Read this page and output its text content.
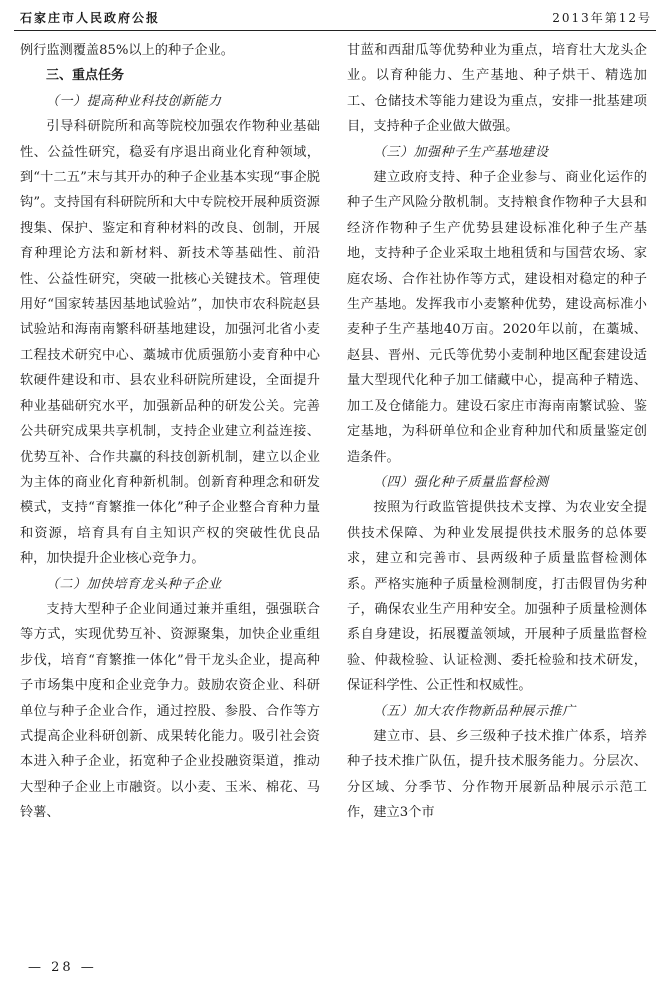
石家庄市人民政府公报	2013年第12号

例行监测覆盖85%以上的种子企业。

三、重点任务

（一）提高种业科技创新能力

引导科研院所和高等院校加强农作物种业基础性、公益性研究，稳妥有序退出商业化育种领域，到“十二五”末与其开办的种子企业基本实现“事企脱钩”。支持国有科研院所和大中专院校开展种质资源搜集、保护、鉴定和育种材料的改良、创制，开展育种理论方法和新材料、新技术等基础性、前沿性、公益性研究，突破一批核心关键技术。管理使用好“国家转基因基地试验站”，加快市农科院赵县试验站和海南南繁科研基地建设，加强河北省小麦工程技术研究中心、藁城市优质强筋小麦育种中心软硬件建设和市、县农业科研院所建设，全面提升种业基础研究水平，加强新品种的研发公关。完善公共研究成果共享机制，支持企业建立利益连接、优势互补、合作共赢的科技创新机制，建立以企业为主体的商业化育种新机制。创新育种理念和研发模式，支持“育繁推一体化”种子企业整合育种力量和资源，培育具有自主知识产权的突破性优良品种，加快提升企业核心竞争力。

（二）加快培育龙头种子企业

支持大型种子企业间通过兼并重组，强强联合等方式，实现优势互补、资源聚集，加快企业重组步伐，培育“育繁推一体化”骨干龙头企业，提高种子市场集中度和企业竞争力。鼓励农资企业、科研单位与种子企业合作，通过控股、参股、合作等方式提高企业科研创新、成果转化能力。吸引社会资本进入种子企业，拓宽种子企业投融资渠道，推动大型种子企业上市融资。以小麦、玉米、棉花、马铃薯、

甘蓝和西甜瓜等优势种业为重点，培育壮大龙头企业。以育种能力、生产基地、种子烘干、精选加工、仓储技术等能力建设为重点，安排一批基建项目，支持种子企业做大做强。

（三）加强种子生产基地建设

建立政府支持、种子企业参与、商业化运作的种子生产风险分散机制。支持粮食作物种子大县和经济作物种子生产优势县建设标准化种子生产基地，支持种子企业采取土地租赁和与国营农场、家庭农场、合作社协作等方式，建设相对稳定的种子生产基地。发挥我市小麦繁种优势，建设高标准小麦种子生产基地40万亩。2020年以前，在藁城、赵县、晋州、元氏等优势小麦制种地区配套建设适量大型现代化种子加工储藏中心，提高种子精选、加工及仓储能力。建设石家庄市海南南繁试验、鉴定基地，为科研单位和企业育种加代和质量鉴定创造条件。

（四）强化种子质量监督检测

按照为行政监管提供技术支撑、为农业安全提供技术保障、为种业发展提供技术服务的总体要求，建立和完善市、县两级种子质量监督检测体系。严格实施种子质量检测制度，打击假冒伪劣种子，确保农业生产用种安全。加强种子质量检测体系自身建设，拓展覆盖领域，开展种子质量监督检验、仲裁检验、认证检测、委托检验和技术研发，保证科学性、公正性和权威性。

（五）加大农作物新品种展示推广

建立市、县、乡三级种子技术推广体系，培养种子技术推广队伍，提升技术服务能力。分层次、分区域、分季节、分作物开展新品种展示示范工作，建立3个市

— 28 —
